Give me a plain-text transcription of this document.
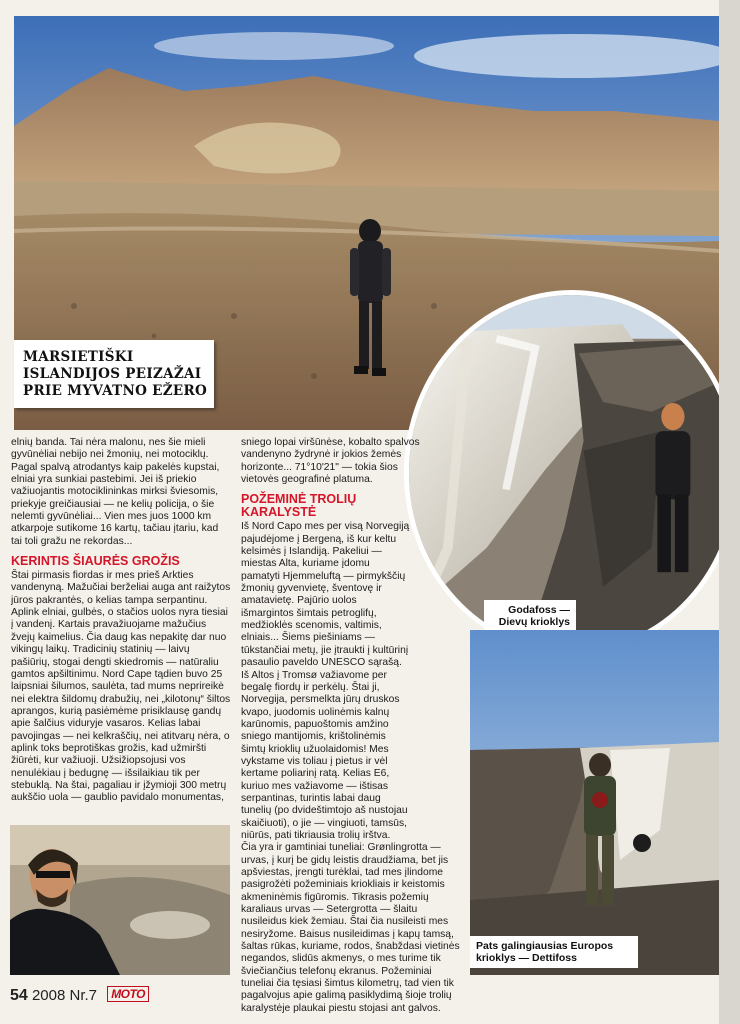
MARSIETIŠKI
ISLANDIJOS PEIZAŽAI
PRIE MYVATNO EŽERO
Godafoss —
Dievų krioklys
Pats galingiausias Europos
krioklys — Dettifoss

elnių banda. Tai nėra malonu, nes šie mieli gyvūnėliai nebijo nei žmonių, nei motociklų. Pagal spalvą atrodantys kaip pakelės kupstai, elniai yra sunkiai pastebimi. Jei iš priekio važiuojantis motociklininkas mirksi šviesomis, priekyje greičiausiai — ne kelių policija, o šie nelemti gyvūnėliai... Vien mes juos 1000 km atkarpoje sutikome 16 kartų, tačiau įtariu, kad tai toli gražu ne rekordas...

KERINTIS ŠIAURĖS GROŽIS

Štai pirmasis fiordas ir mes prieš Arkties vandenyną. Mažučiai berželiai auga ant raižytos jūros pakrantės, o kelias tampa serpantinu. Aplink elniai, gulbės, o stačios uolos nyra tiesiai į vandenį. Kartais pravažiuojame mažučius žvejų kaimelius. Čia daug kas nepakitę dar nuo vikingų laikų. Tradicinių statinių — laivų pašiūrių, stogai dengti skiedromis — natūraliu gamtos apšiltinimu. Nord Cape tądien buvo 25 laipsniai šilumos, saulėta, tad mums neprireikė nei elektra šildomų drabužių, nei „kilotonų“ šiltos aprangos, kurią pasiėmėme prisiklausę gandų apie šalčius viduryje vasaros. Kelias labai pavojingas — nei kelkraščių, nei atitvarų nėra, o aplink toks beprotiškas grožis, kad užmiršti žiūrėti, kur važiuoji. Užsižiopsojusi vos nenulėkiau į bedugnę — išsilaikiau tik per stebuklą. Na štai, pagaliau ir įžymioji 300 metrų aukščio uola — gaublio pavidalo monumentas,

sniego lopai viršūnėse, kobalto spalvos vandenyno žydrynė ir jokios žemės horizonte... 71°10'21" — tokia šios vietovės geografinė platuma.

POŽEMINĖ TROLIŲ
KARALYSTĖ

Iš Nord Capo mes per visą Norvegiją pajudėjome į Bergeną, iš kur keltu kelsimės į Islandiją. Pakeliui — miestas Alta, kuriame įdomu pamatyti Hjemmeluftą — pirmykščių žmonių gyvenvietę, šventovę ir amatavietę. Pajūrio uolos išmargintos šimtais petroglifų, medžioklės scenomis, valtimis, elniais... Šiems piešiniams — tūkstančiai metų, jie įtraukti į kultūrinį pasaulio paveldo UNESCO sąrašą. Iš Altos į Tromsø važiavome per begalę fiordų ir perkėlų. Štai ji, Norvegija, persmelkta jūrų druskos kvapo, juodomis uolinėmis kalnų karūnomis, papuoštomis amžino sniego mantijomis, krištolinėmis šimtų krioklių užuolaidomis! Mes vykstame vis toliau į pietus ir vėl kertame poliarinį ratą. Kelias E6, kuriuo mes važiavome — ištisas serpantinas, turintis labai daug tunelių (po dvideštimtojo aš nustojau skaičiuoti), o jie — vingiuoti, tamsūs, niūrūs, pati tikriausia trolių irštva.

Čia yra ir gamtiniai tuneliai: Grønlingrotta — urvas, į kurį be gidų leistis draudžiama, bet jis apšviestas, įrengti turėklai, tad mes įlindome pasigrožėti požeminiais kriokliais ir keistomis akmeninėmis figūromis. Tikrasis požemių karaliaus urvas — Setergrotta — šlaitu nusileidus kiek žemiau. Štai čia nusileisti mes nesiryžome. Baisus nusileidimas į kapų tamsą, šaltas rūkas, kuriame, rodos, šnabždasi vietinės negandos, slidūs akmenys, o mes turime tik šviečiančius telefonų ekranus. Požeminiai tuneliai čia tęsiasi šimtus kilometrų, tad vien tik pagalvojus apie galimą pasiklydimą šioje trolių karalystėje plaukai piestu stojasi ant galvos.

54 2008 Nr.7 MOTO
